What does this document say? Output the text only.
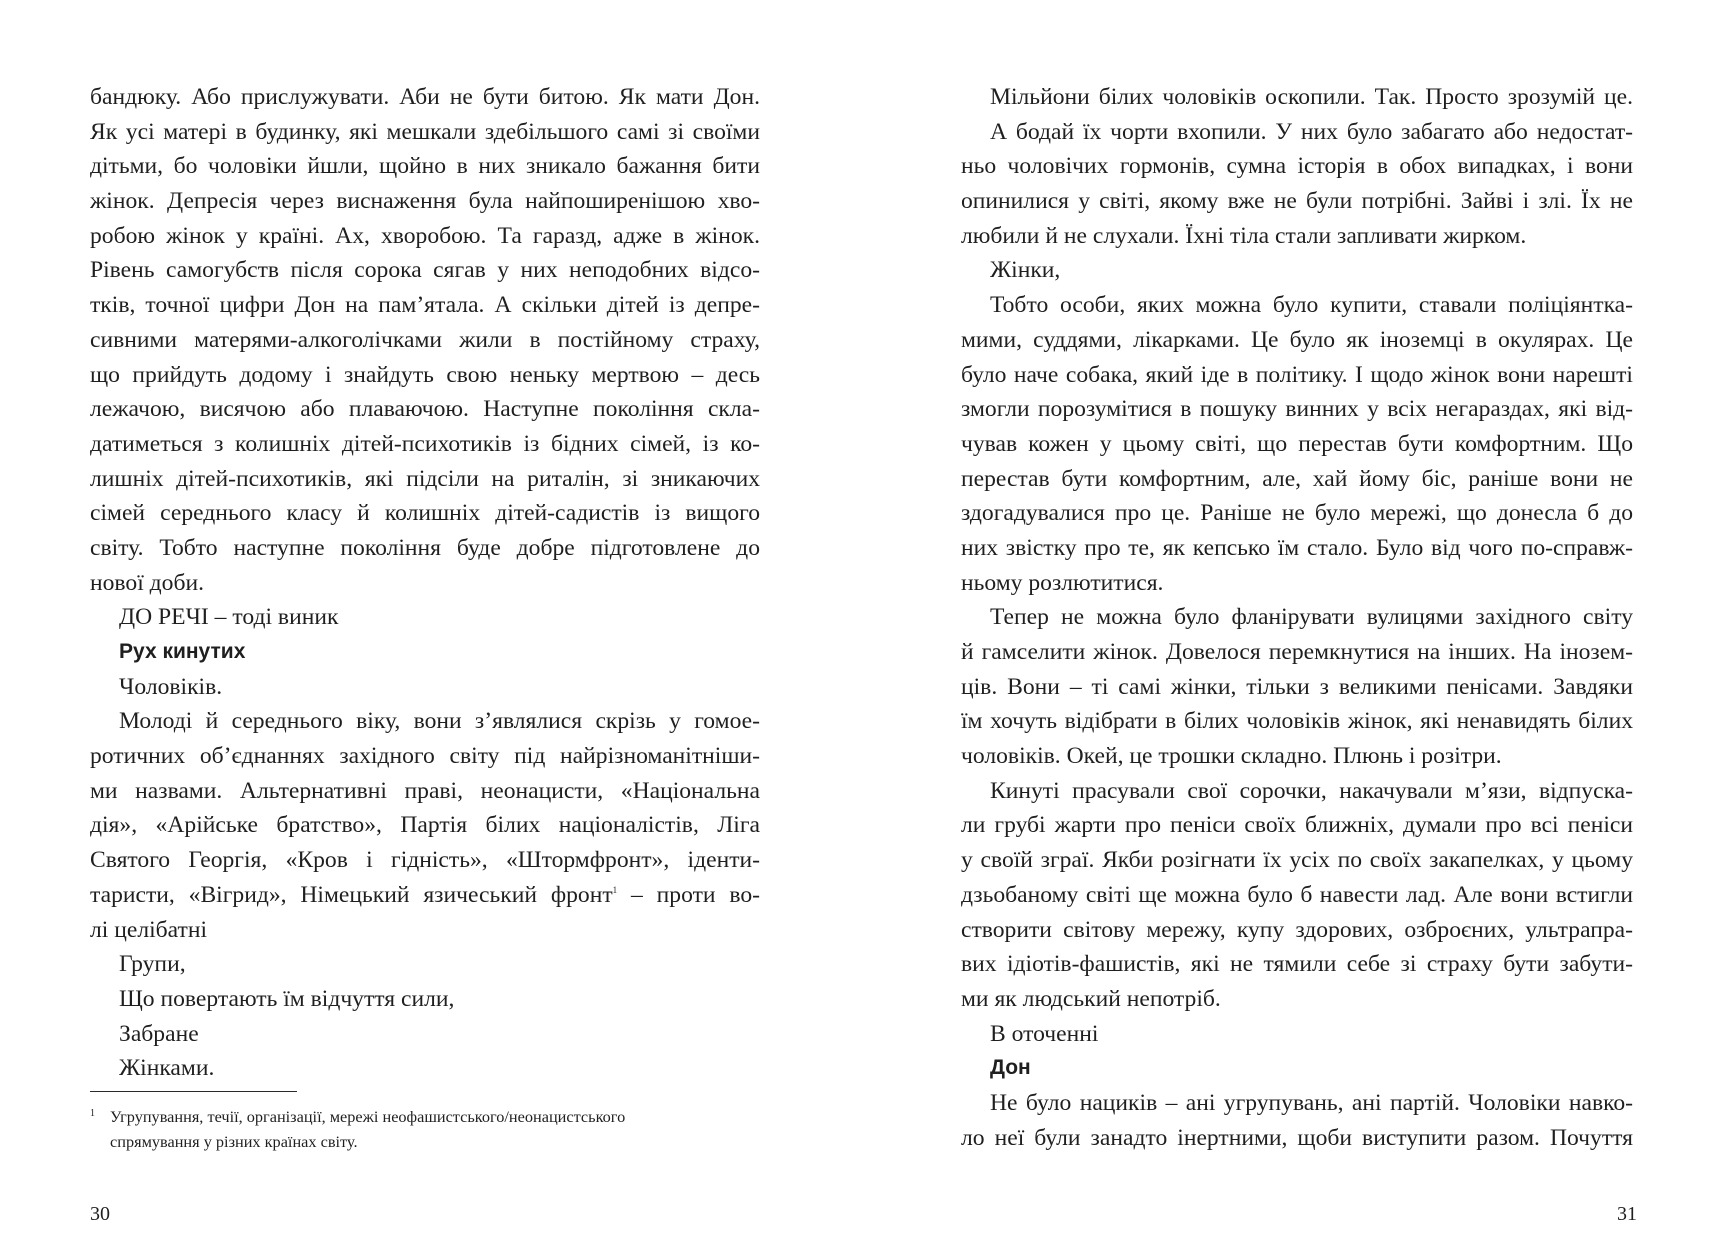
бандюку. Або прислужувати. Аби не бути битою. Як мати Дон.
Як усі матері в будинку, які мешкали здебільшого самі зі своїми
дітьми, бо чоловіки йшли, щойно в них зникало бажання бити
жінок. Депресія через виснаження була найпоширенішою хво-
робою жінок у країні. Ах, хворобою. Та гаразд, адже в жінок.
Рівень самогубств після сорока сягав у них неподобних відсо-
тків, точної цифри Дон на пам’ятала. А скільки дітей із депре-
сивними матерями-алкоголічками жили в постійному страху,
що прийдуть додому і знайдуть свою неньку мертвою – десь
лежачою, висячою або плаваючою. Наступне покоління скла-
датиметься з колишніх дітей-психотиків із бідних сімей, із ко-
лишніх дітей-психотиків, які підсіли на риталін, зі зникаючих
сімей середнього класу й колишніх дітей-садистів із вищого
світу. Тобто наступне покоління буде добре підготовлене до
нової доби.
ДО РЕЧІ – тоді виник
Рух кинутих
Чоловіків.
Молоді й середнього віку, вони з’являлися скрізь у гомое-
ротичних об’єднаннях західного світу під найрізноманітніши-
ми назвами. Альтернативні праві, неонацисти, «Національна
дія», «Арійське братство», Партія білих націоналістів, Ліга
Святого Георгія, «Кров і гідність», «Штормфронт», іденти-
таристи, «Вігрид», Німецький язичеський фронт$^1$ – проти во-
лі целібатні
Групи,
Що повертають їм відчуття сили,
Забране
Жінками.
1 Угрупування, течії, організації, мережі неофашистського/неонацистського
спрямування у різних країнах світу.
30
Мільйони білих чоловіків оскопили. Так. Просто зрозумій це.
А бодай їх чорти вхопили. У них було забагато або недостат-
ньо чоловічих гормонів, сумна історія в обох випадках, і вони
опинилися у світі, якому вже не були потрібні. Зайві і злі. Їх не
любили й не слухали. Їхні тіла стали запливати жирком.
Жінки,
Тобто особи, яких можна було купити, ставали поліціянтка-
мими, суддями, лікарками. Це було як іноземці в окулярах. Це
було наче собака, який іде в політику. І щодо жінок вони нарешті
змогли порозумітися в пошуку винних у всіх негараздах, які від-
чував кожен у цьому світі, що перестав бути комфортним. Що
перестав бути комфортним, але, хай йому біс, раніше вони не
здогадувалися про це. Раніше не було мережі, що донесла б до
них звістку про те, як кепсько їм стало. Було від чого по-справж-
ньому розлютитися.
Тепер не можна було фланірувати вулицями західного світу
й гамселити жінок. Довелося перемкнутися на інших. На інозем-
ців. Вони – ті самі жінки, тільки з великими пенісами. Завдяки
їм хочуть відібрати в білих чоловіків жінок, які ненавидять білих
чоловіків. Окей, це трошки складно. Плюнь і розітри.
Кинуті прасували свої сорочки, накачували м’язи, відпуска-
ли грубі жарти про пеніси своїх ближніх, думали про всі пеніси
у своїй зграї. Якби розігнати їх усіх по своїх закапелках, у цьому
дзьобаному світі ще можна було б навести лад. Але вони встигли
створити світову мережу, купу здорових, озброєних, ультрапра-
вих ідіотів-фашистів, які не тямили себе зі страху бути забути-
ми як людський непотріб.
В оточенні
Дон
Не було нациків – ані угрупувань, ані партій. Чоловіки навко-
ло неї були занадто інертними, щоби виступити разом. Почуття
31
